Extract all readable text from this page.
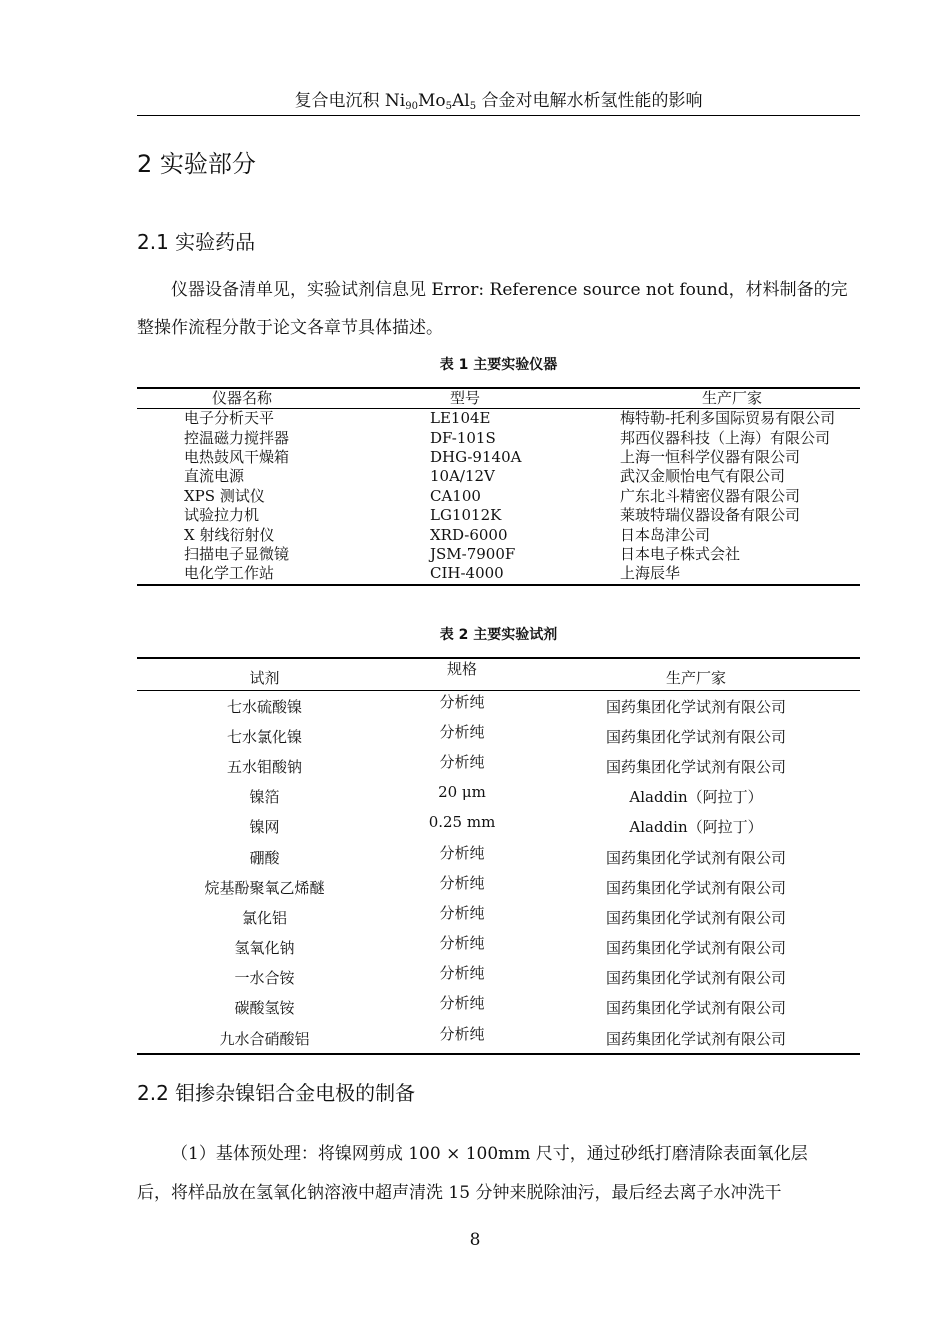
复合电沉积 $Ni_{90}Mo_5Al_5$ 合金对电解水析氢性能的影响
2 实验部分
2.1 实验药品
仪器设备清单见，实验试剂信息见 Error: Reference source not found，材料制备的完
整操作流程分散于论文各章节具体描述。
表 1 主要实验仪器
仪器名称	型号	生产厂家
电子分析天平	LE104E	梅特勒-托利多国际贸易有限公司
控温磁力搅拌器	DF-101S	邦西仪器科技（上海）有限公司
电热鼓风干燥箱	DHG-9140A	上海一恒科学仪器有限公司
直流电源	10A/12V	武汉金顺怡电气有限公司
XPS 测试仪	CA100	广东北斗精密仪器有限公司
试验拉力机	LG1012K	莱玻特瑞仪器设备有限公司
X 射线衍射仪	XRD-6000	日本岛津公司
扫描电子显微镜	JSM-7900F	日本电子株式会社
电化学工作站	CIH-4000	上海辰华
表 2 主要实验试剂
试剂	规格	生产厂家
七水硫酸镍	分析纯	国药集团化学试剂有限公司
七水氯化镍	分析纯	国药集团化学试剂有限公司
五水钼酸钠	分析纯	国药集团化学试剂有限公司
镍箔	20 μm	Aladdin（阿拉丁）
镍网	0.25 mm	Aladdin（阿拉丁）
硼酸	分析纯	国药集团化学试剂有限公司
烷基酚聚氧乙烯醚	分析纯	国药集团化学试剂有限公司
氯化铝	分析纯	国药集团化学试剂有限公司
氢氧化钠	分析纯	国药集团化学试剂有限公司
一水合铵	分析纯	国药集团化学试剂有限公司
碳酸氢铵	分析纯	国药集团化学试剂有限公司
九水合硝酸铝	分析纯	国药集团化学试剂有限公司
2.2 钼掺杂镍铝合金电极的制备
（1）基体预处理：将镍网剪成 100 × 100mm 尺寸，通过砂纸打磨清除表面氧化层
后，将样品放在氢氧化钠溶液中超声清洗 15 分钟来脱除油污，最后经去离子水冲洗干
8
